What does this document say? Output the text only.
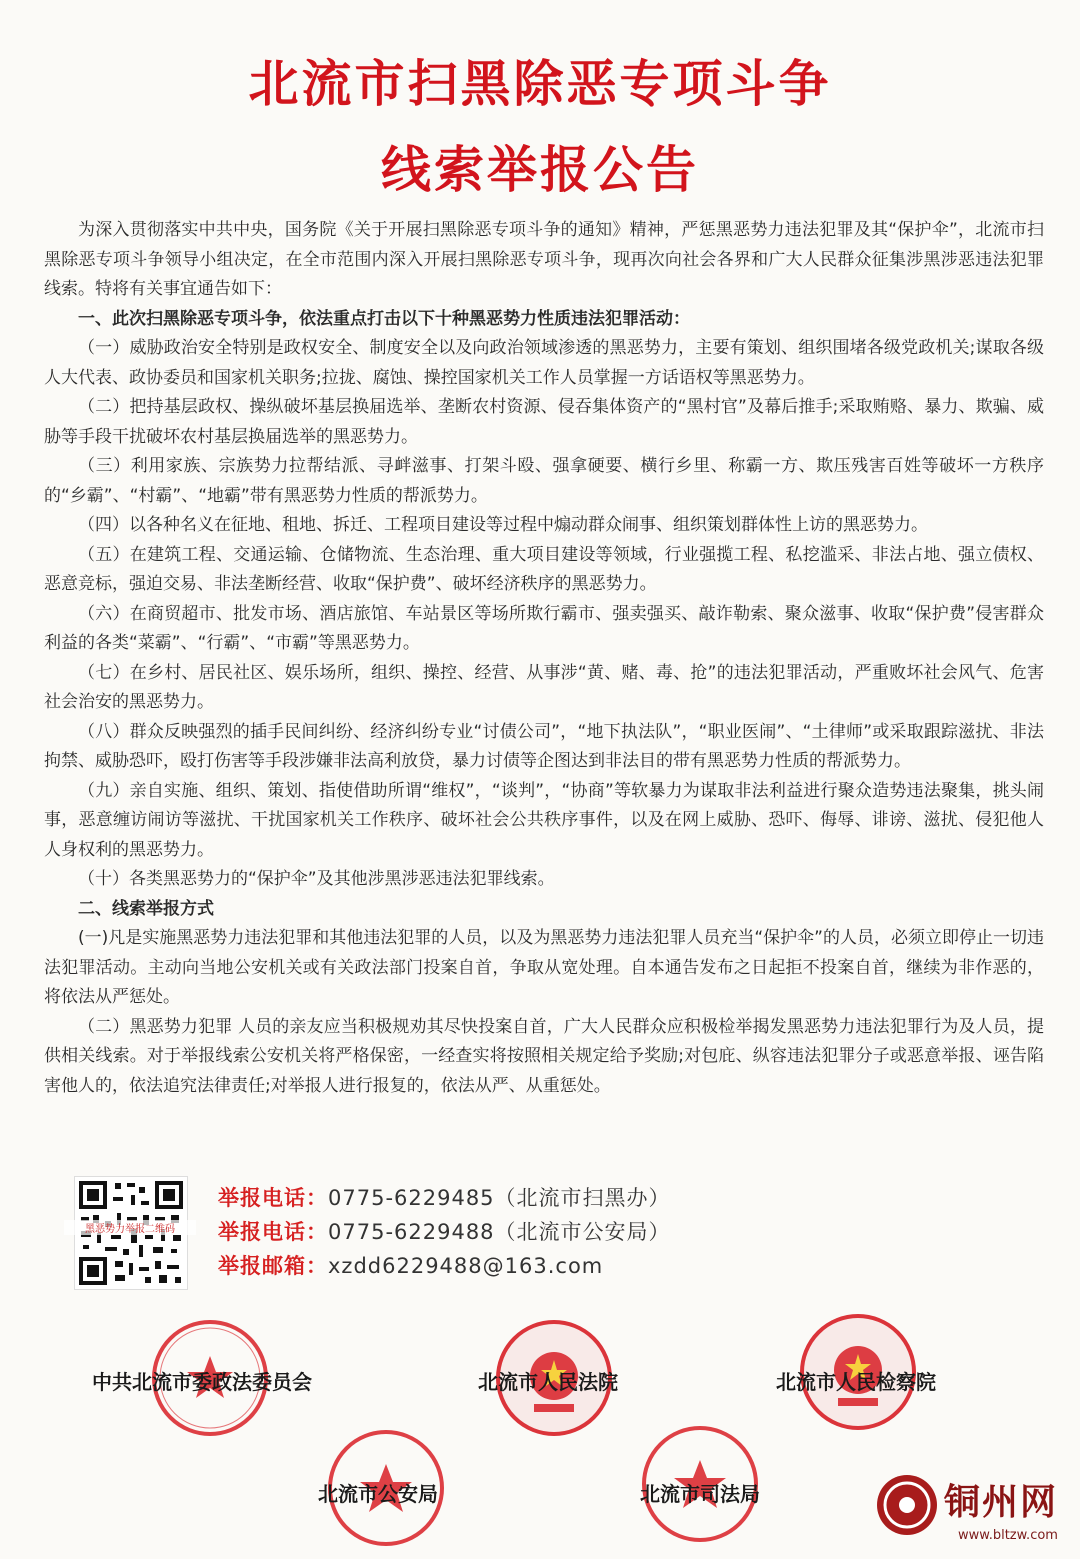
北流市扫黑除恶专项斗争
线索举报公告

为深入贯彻落实中共中央，国务院《关于开展扫黑除恶专项斗争的通知》精神，严惩黑恶势力违法犯罪及其“保护伞”，北流市扫黑除恶专项斗争领导小组决定，在全市范围内深入开展扫黑除恶专项斗争，现再次向社会各界和广大人民群众征集涉黑涉恶违法犯罪线索。特将有关事宜通告如下：

一、此次扫黑除恶专项斗争，依法重点打击以下十种黑恶势力性质违法犯罪活动：

（一）威胁政治安全特别是政权安全、制度安全以及向政治领域渗透的黑恶势力，主要有策划、组织围堵各级党政机关;谋取各级人大代表、政协委员和国家机关职务;拉拢、腐蚀、操控国家机关工作人员掌握一方话语权等黑恶势力。

（二）把持基层政权、操纵破坏基层换届选举、垄断农村资源、侵吞集体资产的“黑村官”及幕后推手;采取贿赂、暴力、欺骗、威胁等手段干扰破坏农村基层换届选举的黑恶势力。

（三）利用家族、宗族势力拉帮结派、寻衅滋事、打架斗殴、强拿硬要、横行乡里、称霸一方、欺压残害百姓等破坏一方秩序的“乡霸”、“村霸”、“地霸”带有黑恶势力性质的帮派势力。

（四）以各种名义在征地、租地、拆迁、工程项目建设等过程中煽动群众闹事、组织策划群体性上访的黑恶势力。

（五）在建筑工程、交通运输、仓储物流、生态治理、重大项目建设等领域，行业强揽工程、私挖滥采、非法占地、强立债权、恶意竞标，强迫交易、非法垄断经营、收取“保护费”、破坏经济秩序的黑恶势力。

（六）在商贸超市、批发市场、酒店旅馆、车站景区等场所欺行霸市、强卖强买、敲诈勒索、聚众滋事、收取“保护费”侵害群众利益的各类“菜霸”、“行霸”、“市霸”等黑恶势力。

（七）在乡村、居民社区、娱乐场所，组织、操控、经营、从事涉“黄、赌、毒、抢”的违法犯罪活动，严重败坏社会风气、危害社会治安的黑恶势力。

（八）群众反映强烈的插手民间纠纷、经济纠纷专业“讨债公司”，“地下执法队”，“职业医闹”、“土律师”或采取跟踪滋扰、非法拘禁、威胁恐吓，殴打伤害等手段涉嫌非法高利放贷，暴力讨债等企图达到非法目的带有黑恶势力性质的帮派势力。

（九）亲自实施、组织、策划、指使借助所谓“维权”，“谈判”，“协商”等软暴力为谋取非法利益进行聚众造势违法聚集，挑头闹事，恶意缠访闹访等滋扰、干扰国家机关工作秩序、破坏社会公共秩序事件，以及在网上威胁、恐吓、侮辱、诽谤、滋扰、侵犯他人人身权利的黑恶势力。

（十）各类黑恶势力的“保护伞”及其他涉黑涉恶违法犯罪线索。

二、线索举报方式

(一)凡是实施黑恶势力违法犯罪和其他违法犯罪的人员，以及为黑恶势力违法犯罪人员充当“保护伞”的人员，必须立即停止一切违法犯罪活动。主动向当地公安机关或有关政法部门投案自首，争取从宽处理。自本通告发布之日起拒不投案自首，继续为非作恶的，将依法从严惩处。

（二）黑恶势力犯罪 人员的亲友应当积极规劝其尽快投案自首，广大人民群众应积极检举揭发黑恶势力违法犯罪行为及人员，提供相关线索。对于举报线索公安机关将严格保密，一经查实将按照相关规定给予奖励;对包庇、纵容违法犯罪分子或恶意举报、诬告陷害他人的，依法追究法律责任;对举报人进行报复的，依法从严、从重惩处。

黑恶势力举报二维码
举报电话：0775-6229485（北流市扫黑办）
举报电话：0775-6229488（北流市公安局）
举报邮箱：xzdd6229488@163.com
中共北流市委政法委员会	北流市人民法院	北流市人民检察院
北流市公安局	北流市司法局	铜州网
www.bltzw.com
